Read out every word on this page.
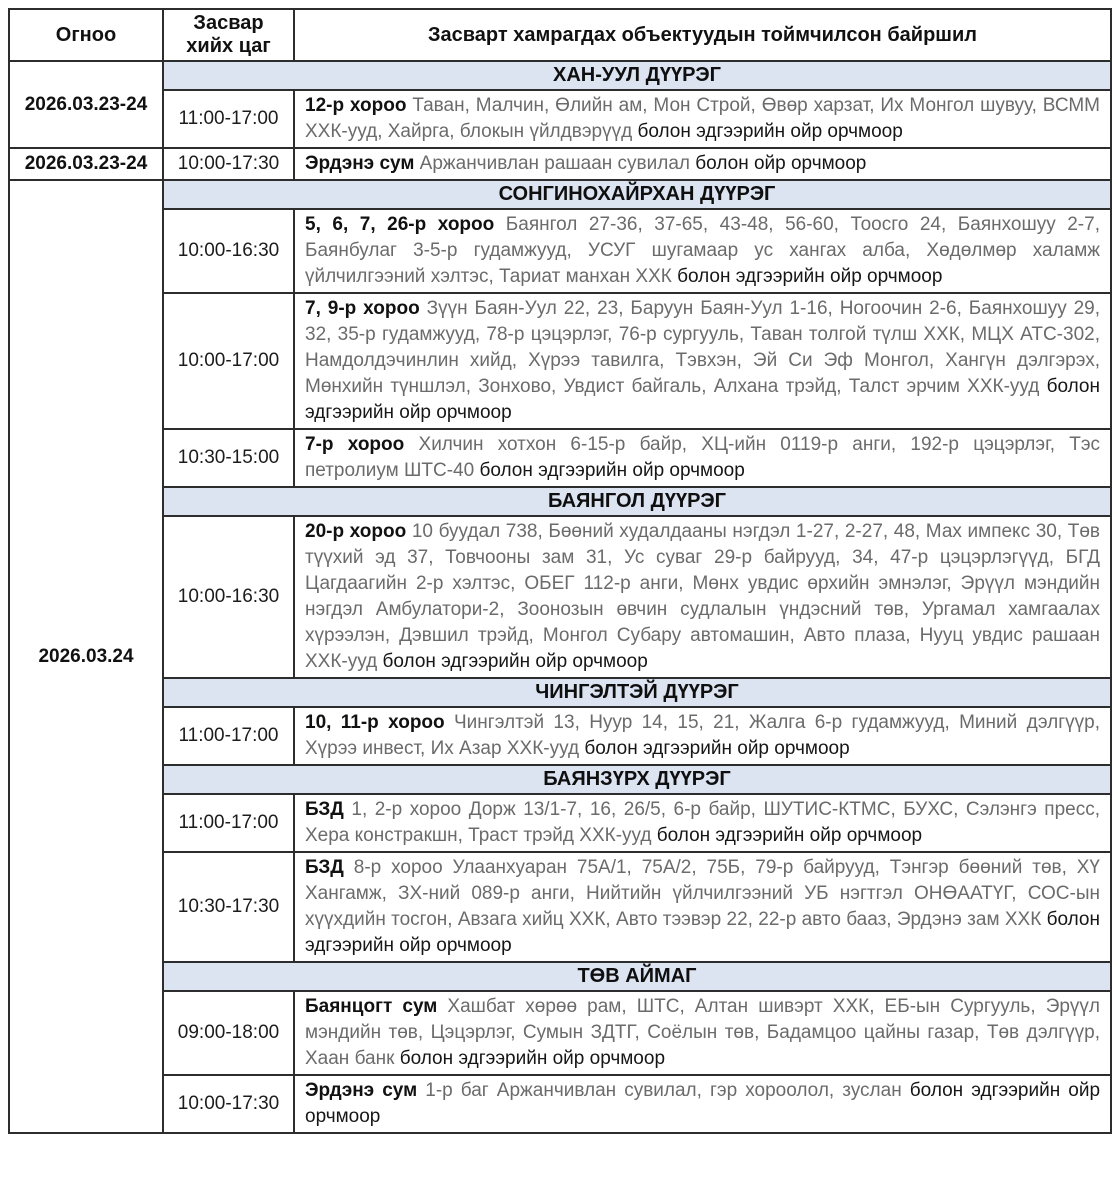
Огноо	Засвар хийх цаг	Засварт хамрагдах объектуудын тоймчилсон байршил
2026.03.23-24	ХАН-УУЛ ДҮҮРЭГ	
	11:00-17:00	12-р хороо Таван, Малчин, Өлийн ам, Мон Строй, Өвөр харзат, Их Монгол шувуу, ВСММ ХХК-ууд, Хайрга, блокын үйлдвэрүүд болон эдгээрийн ойр орчмоор
2026.03.23-24	10:00-17:30	Эрдэнэ сум Аржанчивлан рашаан сувилал болон ойр орчмоор
2026.03.24	СОНГИНОХАЙРХАН ДҮҮРЭГ	
	10:00-16:30	5, 6, 7, 26-р хороо Баянгол 27-36, 37-65, 43-48, 56-60, Тоосго 24, Баянхошуу 2-7, Баянбулаг 3-5-р гудамжууд, УСУГ шугамаар ус хангах алба, Хөдөлмөр халамж үйлчилгээний хэлтэс, Тариат манхан ХХК болон эдгээрийн ойр орчмоор
	10:00-17:00	7, 9-р хороо Зүүн Баян-Уул 22, 23, Баруун Баян-Уул 1-16, Ногоочин 2-6, Баянхошуу 29, 32, 35-р гудамжууд, 78-р цэцэрлэг, 76-р сургууль, Таван толгой түлш ХХК, МЦХ АТС-302, Намдолдэчинлин хийд, Хүрээ тавилга, Тэвхэн, Эй Си Эф Монгол, Хангүн дэлгэрэх, Мөнхийн түншлэл, Зонхово, Увдист байгаль, Алхана трэйд, Талст эрчим ХХК-ууд болон эдгээрийн ойр орчмоор
	10:30-15:00	7-р хороо Хилчин хотхон 6-15-р байр, ХЦ-ийн 0119-р анги, 192-р цэцэрлэг, Тэс петролиум ШТС-40 болон эдгээрийн ойр орчмоор
	БАЯНГОЛ ДҮҮРЭГ	
	10:00-16:30	20-р хороо 10 буудал 738, Бөөний худалдааны нэгдэл 1-27, 2-27, 48, Мах импекс 30, Төв түүхий эд 37, Товчооны зам 31, Ус суваг 29-р байрууд, 34, 47-р цэцэрлэгүүд, БГД Цагдаагийн 2-р хэлтэс, ОБЕГ 112-р анги, Мөнх увдис өрхийн эмнэлэг, Эрүүл мэндийн нэгдэл Амбулатори-2, Зоонозын өвчин судлалын үндэсний төв, Ургамал хамгаалах хүрээлэн, Дэвшил трэйд, Монгол Субару автомашин, Авто плаза, Нууц увдис рашаан ХХК-ууд болон эдгээрийн ойр орчмоор
	ЧИНГЭЛТЭЙ ДҮҮРЭГ	
	11:00-17:00	10, 11-р хороо Чингэлтэй 13, Нуур 14, 15, 21, Жалга 6-р гудамжууд, Миний дэлгүүр, Хүрээ инвест, Их Азар ХХК-ууд болон эдгээрийн ойр орчмоор
	БАЯНЗҮРХ ДҮҮРЭГ	
	11:00-17:00	БЗД 1, 2-р хороо Дорж 13/1-7, 16, 26/5, 6-р байр, ШУТИС-КТМС, БУХС, Сэлэнгэ пресс, Хера констракшн, Траст трэйд ХХК-ууд болон эдгээрийн ойр орчмоор
	10:30-17:30	БЗД 8-р хороо Улаанхуаран 75А/1, 75А/2, 75Б, 79-р байрууд, Тэнгэр бөөний төв, ХҮ Хангамж, ЗХ-ний 089-р анги, Нийтийн үйлчилгээний УБ нэгтгэл ОНӨААТҮГ, СОС-ын хүүхдийн тосгон, Авзага хийц ХХК, Авто тээвэр 22, 22-р авто бааз, Эрдэнэ зам ХХК болон эдгээрийн ойр орчмоор
	ТӨВ АЙМАГ	
	09:00-18:00	Баянцогт сум Хашбат хөрөө рам, ШТС, Алтан шивэрт ХХК, ЕБ-ын Сургууль, Эрүүл мэндийн төв, Цэцэрлэг, Сумын ЗДТГ, Соёлын төв, Бадамцоо цайны газар, Төв дэлгүүр, Хаан банк болон эдгээрийн ойр орчмоор
	10:00-17:30	Эрдэнэ сум 1-р баг Аржанчивлан сувилал, гэр хороолол, зуслан болон эдгээрийн ойр орчмоор
